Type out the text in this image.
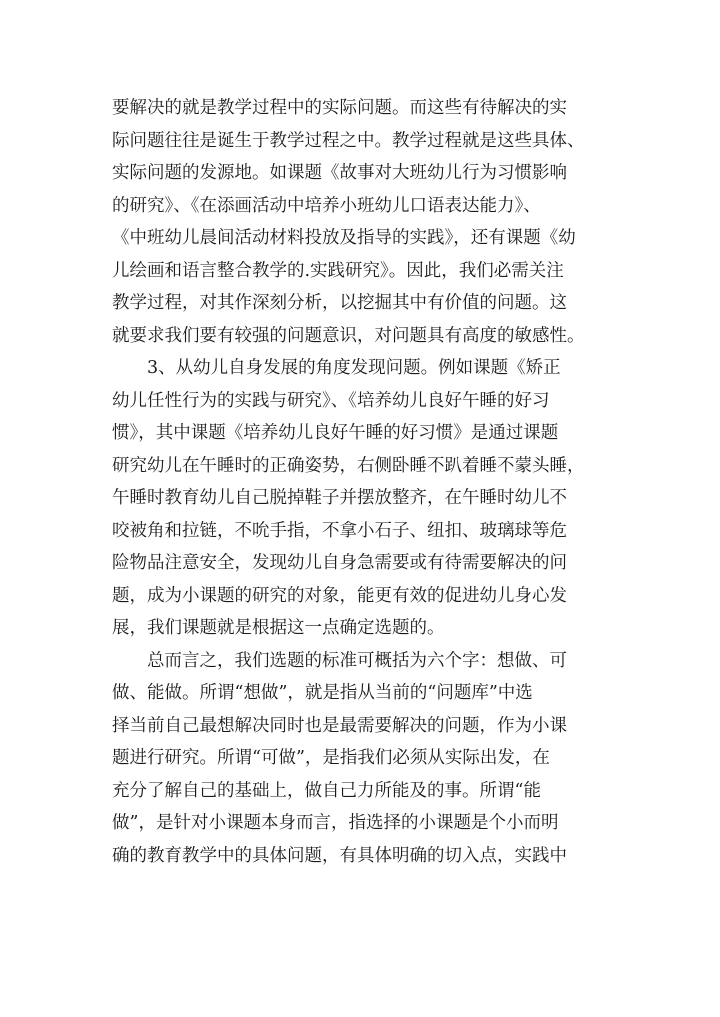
要解决的就是教学过程中的实际问题。而这些有待解决的实
际问题往往是诞生于教学过程之中。教学过程就是这些具体、
实际问题的发源地。如课题《故事对大班幼儿行为习惯影响
的研究》、《在添画活动中培养小班幼儿口语表达能力》、
《中班幼儿晨间活动材料投放及指导的实践》，还有课题《幼
儿绘画和语言整合教学的.实践研究》。因此，我们必需关注
教学过程，对其作深刻分析，以挖掘其中有价值的问题。这
就要求我们要有较强的问题意识，对问题具有高度的敏感性。
3、从幼儿自身发展的角度发现问题。例如课题《矫正
幼儿任性行为的实践与研究》、《培养幼儿良好午睡的好习
惯》，其中课题《培养幼儿良好午睡的好习惯》是通过课题
研究幼儿在午睡时的正确姿势，右侧卧睡不趴着睡不蒙头睡，
午睡时教育幼儿自己脱掉鞋子并摆放整齐，在午睡时幼儿不
咬被角和拉链，不吮手指，不拿小石子、纽扣、玻璃球等危
险物品注意安全，发现幼儿自身急需要或有待需要解决的问
题，成为小课题的研究的对象，能更有效的促进幼儿身心发
展，我们课题就是根据这一点确定选题的。
总而言之，我们选题的标准可概括为六个字：想做、可
做、能做。所谓“想做”，就是指从当前的“问题库”中选
择当前自己最想解决同时也是最需要解决的问题，作为小课
题进行研究。所谓“可做”，是指我们必须从实际出发，在
充分了解自己的基础上，做自己力所能及的事。所谓“能
做”，是针对小课题本身而言，指选择的小课题是个小而明
确的教育教学中的具体问题，有具体明确的切入点，实践中
